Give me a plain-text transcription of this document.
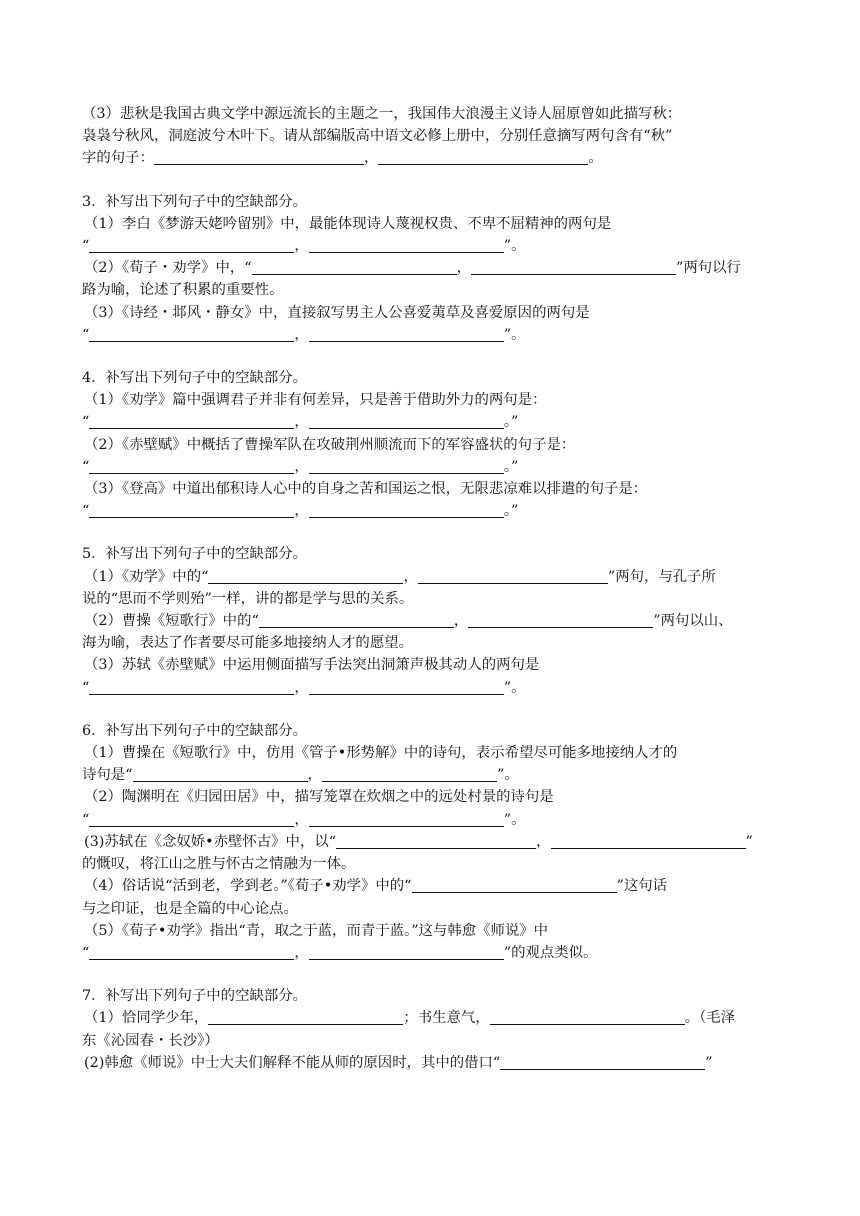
（3）悲秋是我国古典文学中源远流长的主题之一，我国伟大浪漫主义诗人屈原曾如此描写秋：
袅袅兮秋风，洞庭波兮木叶下。请从部编版高中语文必修上册中，分别任意摘写两句含有“秋”
字的句子：	，	。
3．补写出下列句子中的空缺部分。
（1）李白《梦游天姥吟留别》中，最能体现诗人蔑视权贵、不卑不屈精神的两句是
“	，	”。
（2）《荀子・劝学》中，“	，	”两句以行
路为喻，论述了积累的重要性。
（3）《诗经・邶风・静女》中，直接叙写男主人公喜爱荑草及喜爱原因的两句是
“	，	”。
4．补写出下列句子中的空缺部分。
（1）《劝学》篇中强调君子并非有何差异，只是善于借助外力的两句是：
“	，	。”
（2）《赤壁赋》中概括了曹操军队在攻破荆州顺流而下的军容盛状的句子是：
“	，	。”
（3）《登高》中道出郁积诗人心中的自身之苦和国运之恨，无限悲凉难以排遣的句子是：
“	，	。”
5．补写出下列句子中的空缺部分。
（1）《劝学》中的“	，	”两句，与孔子所
说的“思而不学则殆”一样，讲的都是学与思的关系。
（2）曹操《短歌行》中的“	，	”两句以山、
海为喻，表达了作者要尽可能多地接纳人才的愿望。
（3）苏轼《赤壁赋》中运用侧面描写手法突出洞箫声极其动人的两句是
“	，	”。
6．补写出下列句子中的空缺部分。
（1）曹操在《短歌行》中，仿用《管子•形势解》中的诗句，表示希望尽可能多地接纳人才的
诗句是“	，	”。
（2）陶渊明在《归园田居》中，描写笼罩在炊烟之中的远处村景的诗句是
“	，	”。
(3)苏轼在《念奴娇•赤壁怀古》中，以“	，	”
的慨叹，将江山之胜与怀古之情融为一体。
（4）俗话说“活到老，学到老。”《荀子•劝学》中的“	”这句话
与之印证，也是全篇的中心论点。
（5）《荀子•劝学》指出“青，取之于蓝，而青于蓝。”这与韩愈《师说》中
“	，	”的观点类似。
7．补写出下列句子中的空缺部分。
（1）恰同学少年，	；书生意气，	。（毛泽
东《沁园春・长沙》）
(2)韩愈《师说》中士大夫们解释不能从师的原因时，其中的借口“	”
